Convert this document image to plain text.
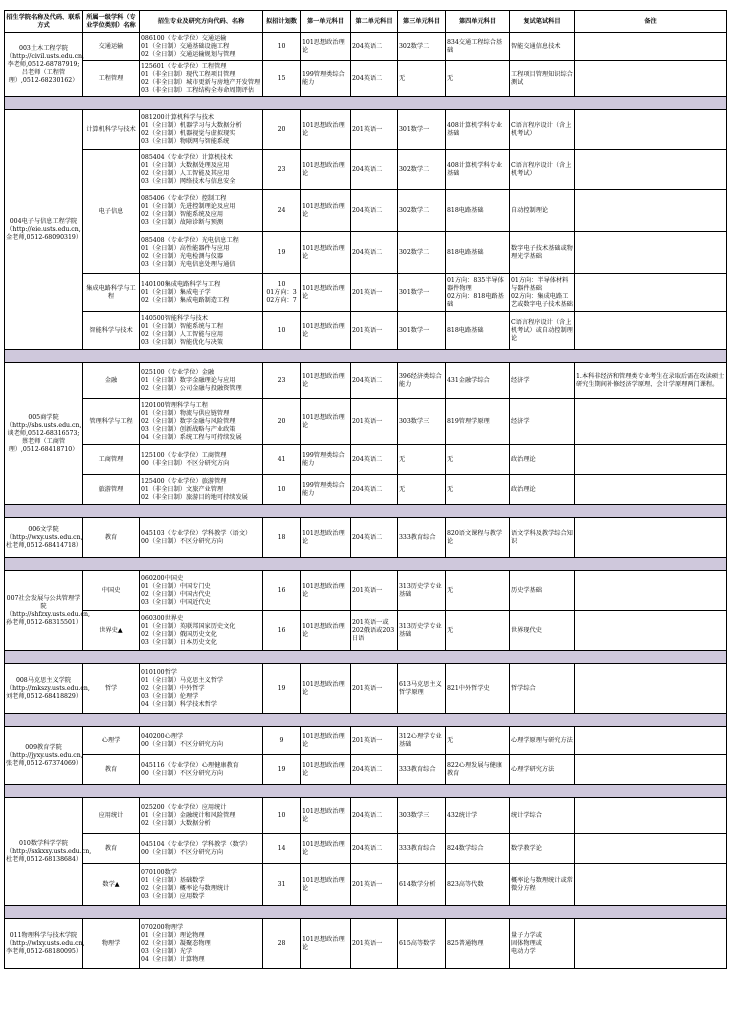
招生学院名称及代码、联系方式	所属一级学科（专业学位类别）名称	招生专业及研究方向代码、名称	拟招计划数	第一单元科目	第二单元科目	第三单元科目	第四单元科目	复试笔试科目	备注
003土木工程学院
（http://civil.usts.edu.cn,李老师,0512-68787919;吕老师（工程管理）,0512-68230162）	交通运输	086100（专业学位）交通运输
01（全日制）交通基础设施工程
02（全日制）交通运输规划与管理	10	101思想政治理论	204英语二	302数学二	834交通工程综合基础	智能交通信息技术	
	工程管理	125601（专业学位）工程管理
01（非全日制）现代工程项目管理
02（非全日制）城市更新与房地产开发管理
03（非全日制）工程结构全寿命周期评估	15	199管理类综合能力	204英语二	无	无	工程项目管理知识综合测试	

004电子与信息工程学院
（http://eie.usts.edu.cn,金老师,0512-68090319）	计算机科学与技术	081200计算机科学与技术
01（全日制）机器学习与大数据分析
02（全日制）机器视觉与虚拟现实
03（全日制）物联网与智能系统	20	101思想政治理论	201英语一	301数学一	408计算机学科专业基础	C语言程序设计（含上机考试）	
	电子信息	085404（专业学位）计算机技术
01（全日制）大数据处理及应用
02（全日制）人工智能及其应用
03（全日制）网络技术与信息安全	23	101思想政治理论	204英语二	302数学二	408计算机学科专业基础	C语言程序设计（含上机考试）	
		085406（专业学位）控制工程
01（全日制）先进控制理论及应用
02（全日制）智能系统及应用
03（全日制）故障诊断与预测	24	101思想政治理论	204英语二	302数学二	818电路基础	自动控制理论	
		085408（专业学位）光电信息工程
01（全日制）高性能器件与应用
02（全日制）光电检测与仪器
03（全日制）光电信息处理与通信	19	101思想政治理论	204英语二	302数学二	818电路基础	数字电子技术基础或物理光学基础	
	集成电路科学与工程	140100集成电路科学与工程
01（全日制）集成电子学
02（全日制）集成电路制造工程	10
01方向：3
02方向：7	101思想政治理论	201英语一	301数学一	01方向：835半导体器件物理
02方向：818电路基础	01方向：半导体材料与器件基础
02方向：集成电路工艺或数字电子技术基础	
	智能科学与技术	140500智能科学与技术
01（全日制）智能系统与工程
02（全日制）人工智能与应用
03（全日制）智能优化与决策	10	101思想政治理论	201英语一	301数学一	818电路基础	C语言程序设计（含上机考试）或自动控制理论	

005商学院
（http://sbs.usts.edu.cn,谈老师,0512-68316573;蔡老师（工商管理）,0512-68418710）	金融	025100（专业学位）金融
01（全日制）数字金融理论与应用
02（全日制）公司金融与投融资管理	23	101思想政治理论	204英语二	396经济类综合能力	431金融学综合	经济学	1.本科非经济和管理类专业考生在录取后需在攻读硕士研究生期间补修经济学原理、会计学原理两门课程。
	管理科学与工程	120100管理科学与工程
01（全日制）物流与供应链管理
02（全日制）数字金融与风险管理
03（全日制）创新战略与产业政策
04（全日制）系统工程与可持续发展	20	101思想政治理论	201英语一	303数学三	819管理学原理	经济学	
	工商管理	125100（专业学位）工商管理
00（非全日制）不区分研究方向	41	199管理类综合能力	204英语二	无	无	政治理论	
	旅游管理	125400（专业学位）旅游管理
01（非全日制）文旅产业管理
02（非全日制）旅游目的地可持续发展	10	199管理类综合能力	204英语二	无	无	政治理论	

006文学院
（http://wxy.usts.edu.cn,杜老师,0512-68414718）	教育	045103（专业学位）学科教学（语文）
00（全日制）不区分研究方向	18	101思想政治理论	204英语二	333教育综合	820语文课程与教学论	语文学科及教学综合知识	

007社会发展与公共管理学院
（http://shfzxy.usts.edu.cn,孙老师,0512-68315501）	中国史	060200中国史
01（全日制）中国专门史
02（全日制）中国古代史
03（全日制）中国近代史	16	101思想政治理论	201英语一	313历史学专业基础	无	历史学基础	
	世界史▲	060300世界史
01（全日制）英联邦国家历史文化
02（全日制）俄国历史文化
03（全日制）日本历史文化	16	101思想政治理论	201英语一或202俄语或203日语	313历史学专业基础	无	世界现代史	

008马克思主义学院
（http://mkszy.usts.edu.cn,刘老师,0512-68418829）	哲学	010100哲学
01（全日制）马克思主义哲学
02（全日制）中外哲学
03（全日制）伦理学
04（全日制）科学技术哲学	19	101思想政治理论	201英语一	613马克思主义哲学原理	821中外哲学史	哲学综合	

009教育学院
（http://jyxy.usts.edu.cn,张老师,0512-67374069）	心理学	040200心理学
00（全日制）不区分研究方向	9	101思想政治理论	201英语一	312心理学专业基础	无	心理学原理与研究方法	
	教育	045116（专业学位）心理健康教育
00（全日制）不区分研究方向	19	101思想政治理论	204英语二	333教育综合	822心理发展与健康教育	心理学研究方法	

010数学科学学院
（http://sxkxxy.usts.edu.cn,杜老师,0512-68138684）	应用统计	025200（专业学位）应用统计
01（全日制）金融统计和风险管理
02（全日制）大数据分析	10	101思想政治理论	204英语二	303数学三	432统计学	统计学综合	
	教育	045104（专业学位）学科教学（数学）
00（全日制）不区分研究方向	14	101思想政治理论	204英语二	333教育综合	824数学综合	数学教学论	
	数学▲	070100数学
01（全日制）基础数学
02（全日制）概率论与数理统计
03（全日制）应用数学	31	101思想政治理论	201英语一	614数学分析	823高等代数	概率论与数理统计或常微分方程	

011物理科学与技术学院
（http://wlxy.usts.edu.cn,李老师,0512-68180095）	物理学	070200物理学
01（全日制）理论物理
02（全日制）凝聚态物理
03（全日制）光学
04（全日制）计算物理	28	101思想政治理论	201英语一	615高等数学	825普通物理	量子力学或
固体物理或
电动力学	
